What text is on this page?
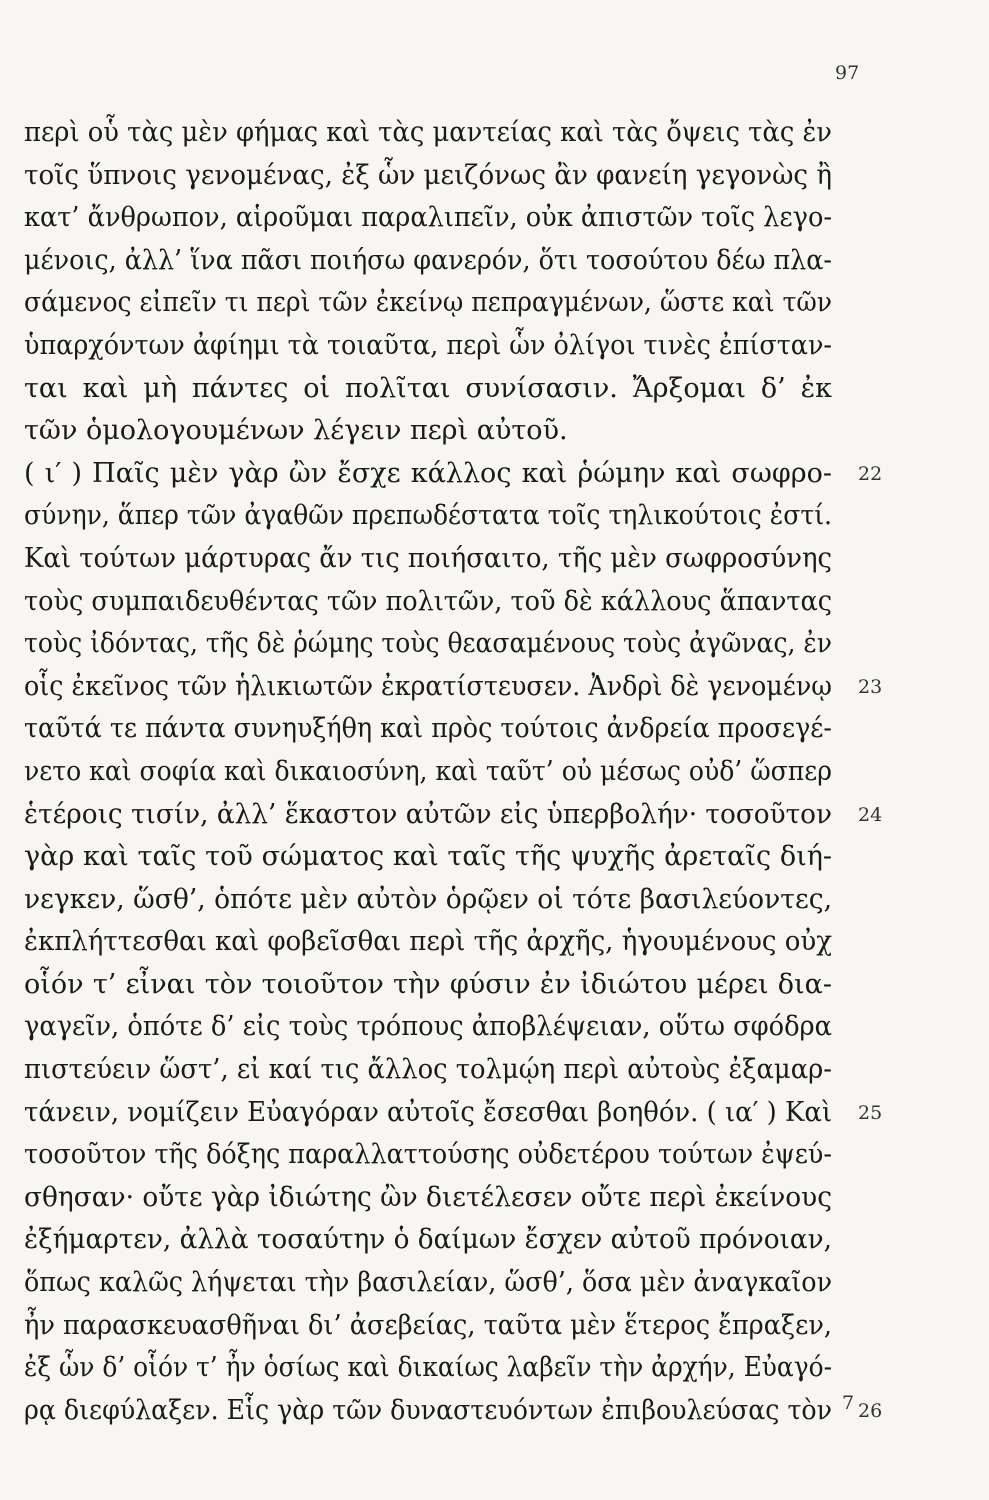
97
περὶ οὗ τὰς μὲν φήμας καὶ τὰς μαντείας καὶ τὰς ὄψεις τὰς ἐν
τοῖς ὕπνοις γενομένας, ἐξ ὧν μειζόνως ἂν φανείη γεγονὼς ἢ
κατ’ ἄνθρωπον, αἱροῦμαι παραλιπεῖν, οὐκ ἀπιστῶν τοῖς λεγο-
μένοις, ἀλλ’ ἵνα πᾶσι ποιήσω φανερόν, ὅτι τοσούτου δέω πλα-
σάμενος εἰπεῖν τι περὶ τῶν ἐκείνῳ πεπραγμένων, ὥστε καὶ τῶν
ὑπαρχόντων ἀφίημι τὰ τοιαῦτα, περὶ ὧν ὀλίγοι τινὲς ἐπίσταν-
ται καὶ μὴ πάντες οἱ πολῖται συνίσασιν. Ἄρξομαι δ’ ἐκ
τῶν ὁμολογουμένων λέγειν περὶ αὐτοῦ.
( ι′ ) Παῖς μὲν γὰρ ὢν ἔσχε κάλλος καὶ ῥώμην καὶ σωφρο- 22
σύνην, ἅπερ τῶν ἀγαθῶν πρεπωδέστατα τοῖς τηλικούτοις ἐστί.
Καὶ τούτων μάρτυρας ἄν τις ποιήσαιτο, τῆς μὲν σωφροσύνης
τοὺς συμπαιδευθέντας τῶν πολιτῶν, τοῦ δὲ κάλλους ἅπαντας
τοὺς ἰδόντας, τῆς δὲ ῥώμης τοὺς θεασαμένους τοὺς ἀγῶνας, ἐν
οἷς ἐκεῖνος τῶν ἡλικιωτῶν ἐκρατίστευσεν. Ἀνδρὶ δὲ γενομένῳ 23
ταῦτά τε πάντα συνηυξήθη καὶ πρὸς τούτοις ἀνδρεία προσεγέ-
νετο καὶ σοφία καὶ δικαιοσύνη, καὶ ταῦτ’ οὐ μέσως οὐδ’ ὥσπερ
ἑτέροις τισίν, ἀλλ’ ἕκαστον αὐτῶν εἰς ὑπερβολήν· τοσοῦτον 24
γὰρ καὶ ταῖς τοῦ σώματος καὶ ταῖς τῆς ψυχῆς ἀρεταῖς διή-
νεγκεν, ὥσθ’, ὁπότε μὲν αὐτὸν ὁρῷεν οἱ τότε βασιλεύοντες,
ἐκπλήττεσθαι καὶ φοβεῖσθαι περὶ τῆς ἀρχῆς, ἡγουμένους οὐχ
οἷόν τ’ εἶναι τὸν τοιοῦτον τὴν φύσιν ἐν ἰδιώτου μέρει δια-
γαγεῖν, ὁπότε δ’ εἰς τοὺς τρόπους ἀποβλέψειαν, οὕτω σφόδρα
πιστεύειν ὥστ’, εἰ καί τις ἄλλος τολμῴη περὶ αὐτοὺς ἐξαμαρ-
τάνειν, νομίζειν Εὐαγόραν αὐτοῖς ἔσεσθαι βοηθόν. ( ια′ ) Καὶ 25
τοσοῦτον τῆς δόξης παραλλαττούσης οὐδετέρου τούτων ἐψεύ-
σθησαν· οὔτε γὰρ ἰδιώτης ὢν διετέλεσεν οὔτε περὶ ἐκείνους
ἐξήμαρτεν, ἀλλὰ τοσαύτην ὁ δαίμων ἔσχεν αὐτοῦ πρόνοιαν,
ὅπως καλῶς λήψεται τὴν βασιλείαν, ὥσθ’, ὅσα μὲν ἀναγκαῖον
ἦν παρασκευασθῆναι δι’ ἀσεβείας, ταῦτα μὲν ἕτερος ἔπραξεν,
ἐξ ὧν δ’ οἷόν τ’ ἦν ὁσίως καὶ δικαίως λαβεῖν τὴν ἀρχήν, Εὐαγό-
ρᾳ διεφύλαξεν. Εἷς γὰρ τῶν δυναστευόντων ἐπιβουλεύσας τὸν 26
7
